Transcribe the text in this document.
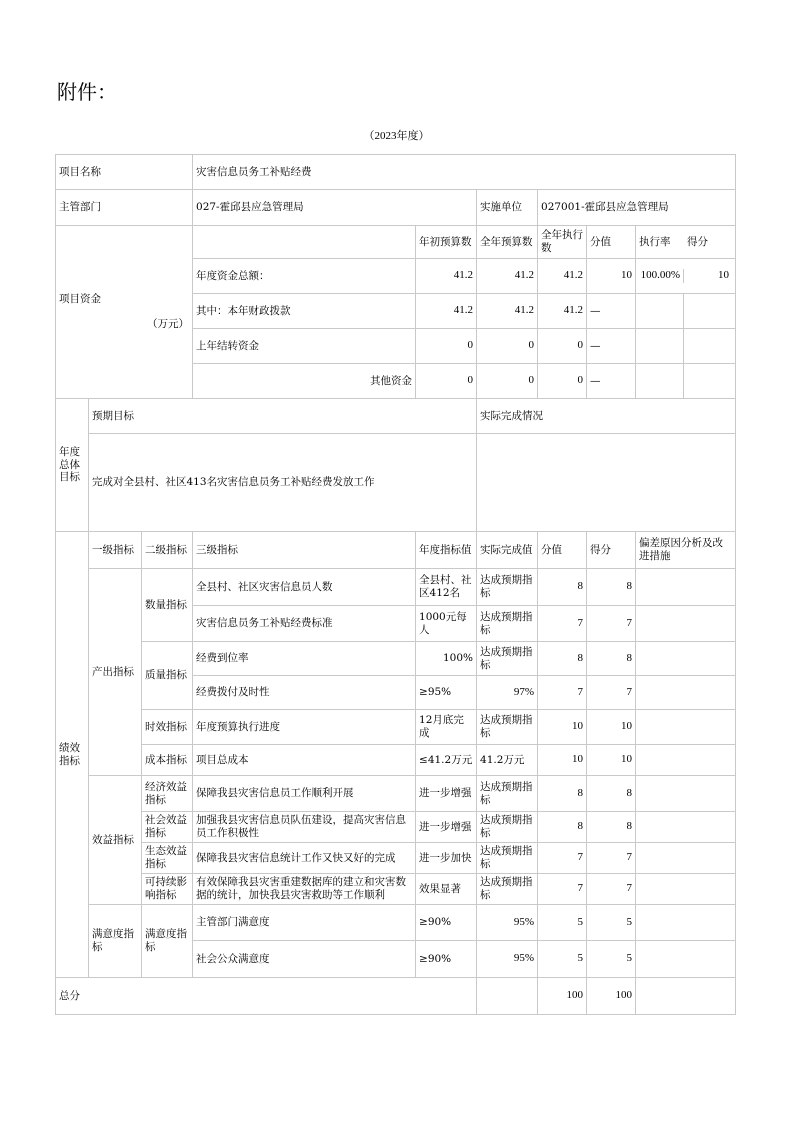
附件：
（2023年度）
项目名称			灾害信息员务工补贴经费					
主管部门			027-霍邱县应急管理局		实施单位	027001-霍邱县应急管理局		

项目资金
（万元）				年初预算数	全年预算数	全年执行数	分值	执行率 得分
			年度资金总额：	41.2	41.2	41.2	10	100.00% 10
			其中：本年财政拨款	41.2	41.2	41.2	—	
			上年结转资金	0	0	0	—	
			其他资金	0	0	0	—	
年度
总体
目标	预期目标				实际完成情况			
	完成对全县村、社区413名灾害信息员务工补贴经费发放工作							
绩效
指标	一级指标	二级指标	三级指标	年度指标值	实际完成值	分值	得分	偏差原因分析及改进措施
	产出指标	数量指标	全县村、社区灾害信息员人数	全县村、社区412名	达成预期指标	8	8	
			灾害信息员务工补贴经费标准	1000元每人	达成预期指标	7	7	
		质量指标	经费到位率	100%	达成预期指标	8	8	
			经费拨付及时性	≥95%	97%	7	7	
		时效指标	年度预算执行进度	12月底完成	达成预期指标	10	10	
		成本指标	项目总成本	≤41.2万元	41.2万元	10	10	
	效益指标	经济效益指标	保障我县灾害信息员工作顺利开展	进一步增强	达成预期指标	8	8	
		社会效益指标	加强我县灾害信息员队伍建设，提高灾害信息员工作积极性	进一步增强	达成预期指标	8	8	
		生态效益指标	保障我县灾害信息统计工作又快又好的完成	进一步加快	达成预期指标	7	7	
		可持续影响指标	有效保障我县灾害重建数据库的建立和灾害数据的统计，加快我县灾害救助等工作顺利	效果显著	达成预期指标	7	7	
	满意度指标	满意度指标	主管部门满意度	≥90%	95%	5	5	
			社会公众满意度	≥90%	95%	5	5	
总分						100	100	
